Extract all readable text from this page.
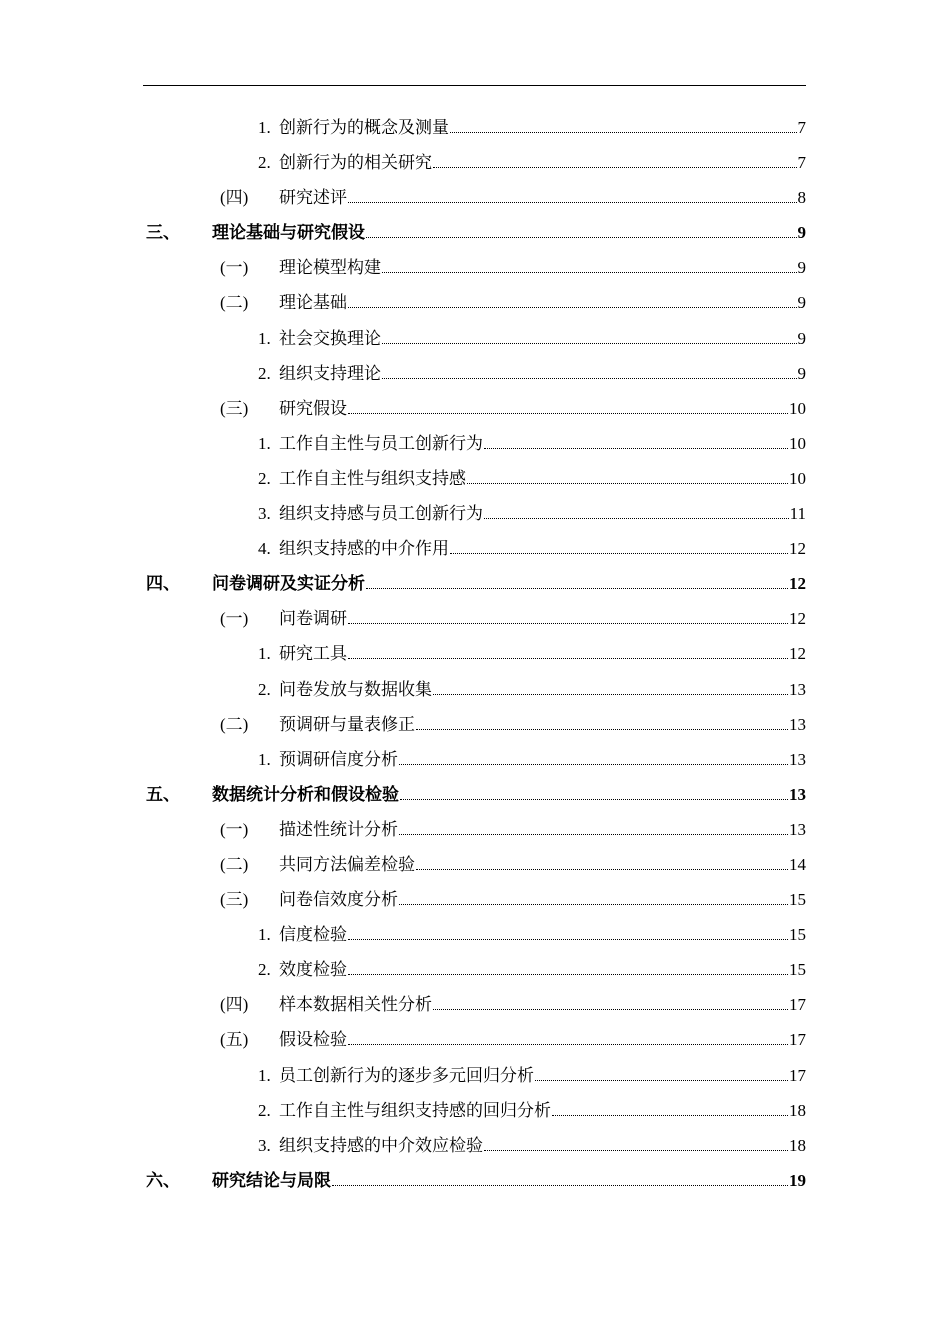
1. 创新行为的概念及测量	7
2. 创新行为的相关研究	7
(四) 研究述评	8
三、 理论基础与研究假设	9
(一) 理论模型构建	9
(二) 理论基础	9
1. 社会交换理论	9
2. 组织支持理论	9
(三) 研究假设	10
1. 工作自主性与员工创新行为	10
2. 工作自主性与组织支持感	10
3. 组织支持感与员工创新行为	11
4. 组织支持感的中介作用	12
四、 问卷调研及实证分析	12
(一) 问卷调研	12
1. 研究工具	12
2. 问卷发放与数据收集	13
(二) 预调研与量表修正	13
1. 预调研信度分析	13
五、 数据统计分析和假设检验	13
(一) 描述性统计分析	13
(二) 共同方法偏差检验	14
(三) 问卷信效度分析	15
1. 信度检验	15
2. 效度检验	15
(四) 样本数据相关性分析	17
(五) 假设检验	17
1. 员工创新行为的逐步多元回归分析	17
2. 工作自主性与组织支持感的回归分析	18
3. 组织支持感的中介效应检验	18
六、 研究结论与局限	19
